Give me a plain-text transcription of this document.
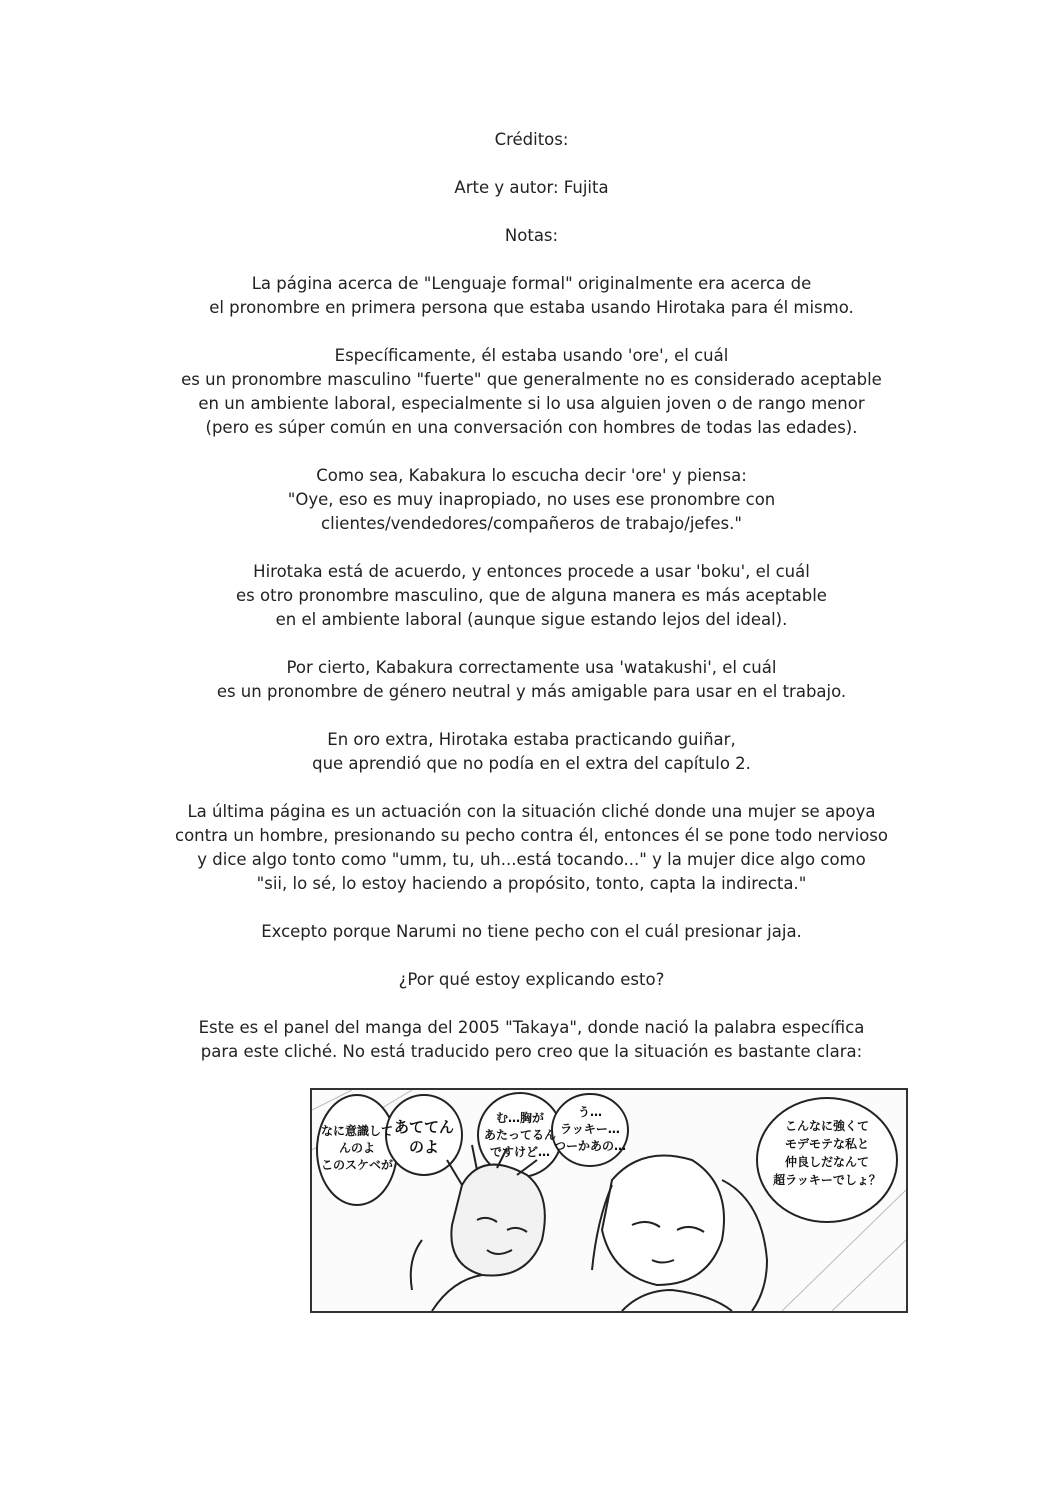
Créditos:
Arte y autor: Fujita
Notas:
La página acerca de "Lenguaje formal" originalmente era acerca de
el pronombre en primera persona que estaba usando Hirotaka para él mismo.
Específicamente, él estaba usando 'ore', el cuál
es un pronombre masculino "fuerte" que generalmente no es considerado aceptable
en un ambiente laboral, especialmente si lo usa alguien joven o de rango menor
(pero es súper común en una conversación con hombres de todas las edades).
Como sea, Kabakura lo escucha decir 'ore' y piensa:
"Oye, eso es muy inapropiado, no uses ese pronombre con
clientes/vendedores/compañeros de trabajo/jefes."
Hirotaka está de acuerdo, y entonces procede a usar 'boku', el cuál
es otro pronombre masculino, que de alguna manera es más aceptable
en el ambiente laboral (aunque sigue estando lejos del ideal).
Por cierto, Kabakura correctamente usa 'watakushi', el cuál
es un pronombre de género neutral y más amigable para usar en el trabajo.
En oro extra, Hirotaka estaba practicando guiñar,
que aprendió que no podía en el extra del capítulo 2.
La última página es un actuación con la situación cliché donde una mujer se apoya
contra un hombre, presionando su pecho contra él, entonces él se pone todo nervioso
y dice algo tonto como "umm, tu, uh...está tocando..." y la mujer dice algo como
"sii, lo sé, lo estoy haciendo a propósito, tonto, capta la indirecta."
Excepto porque Narumi no tiene pecho con el cuál presionar jaja.
¿Por qué estoy explicando esto?
Este es el panel del manga del 2005 "Takaya", donde nació la palabra específica
para este cliché. No está traducido pero creo que la situación es bastante clara:
なに意識して
んのよ
このスケベが
あててん
のよ
む…胸が
あたってるん
ですけど…
う…
ラッキー…
つーかあの…
こんなに強くて
モデモテな私と
仲良しだなんて
超ラッキーでしょ？
